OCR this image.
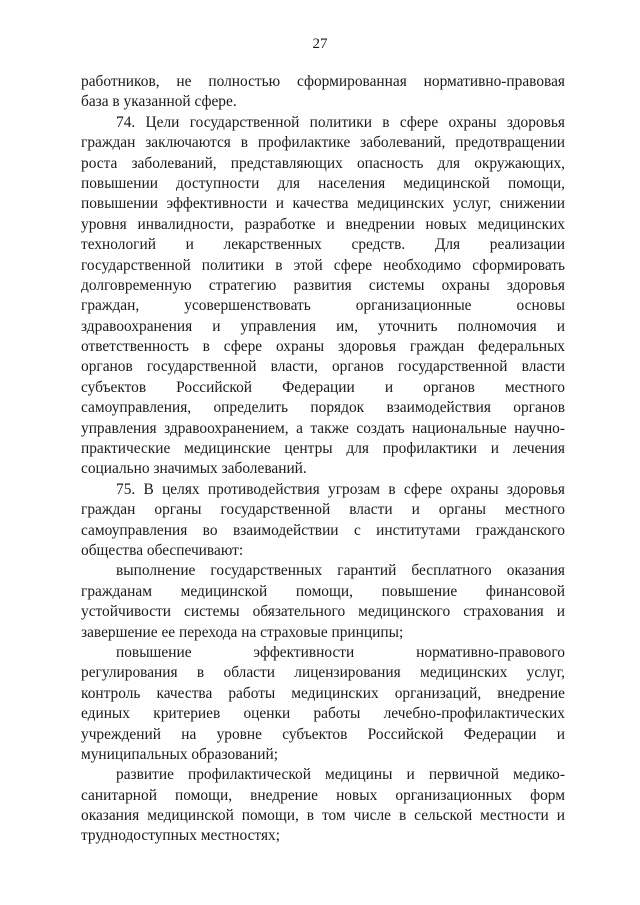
27
работников, не полностью сформированная нормативно-правовая
база в указанной сфере.
74. Цели государственной политики в сфере охраны здоровья
граждан заключаются в профилактике заболеваний, предотвращении
роста заболеваний, представляющих опасность для окружающих,
повышении доступности для населения медицинской помощи,
повышении эффективности и качества медицинских услуг, снижении
уровня инвалидности, разработке и внедрении новых медицинских
технологий и лекарственных средств. Для реализации
государственной политики в этой сфере необходимо сформировать
долговременную стратегию развития системы охраны здоровья
граждан, усовершенствовать организационные основы
здравоохранения и управления им, уточнить полномочия и
ответственность в сфере охраны здоровья граждан федеральных
органов государственной власти, органов государственной власти
субъектов Российской Федерации и органов местного
самоуправления, определить порядок взаимодействия органов
управления здравоохранением, а также создать национальные научно-
практические медицинские центры для профилактики и лечения
социально значимых заболеваний.
75. В целях противодействия угрозам в сфере охраны здоровья
граждан органы государственной власти и органы местного
самоуправления во взаимодействии с институтами гражданского
общества обеспечивают:
выполнение государственных гарантий бесплатного оказания
гражданам медицинской помощи, повышение финансовой
устойчивости системы обязательного медицинского страхования и
завершение ее перехода на страховые принципы;
повышение эффективности нормативно-правового
регулирования в области лицензирования медицинских услуг,
контроль качества работы медицинских организаций, внедрение
единых критериев оценки работы лечебно-профилактических
учреждений на уровне субъектов Российской Федерации и
муниципальных образований;
развитие профилактической медицины и первичной медико-
санитарной помощи, внедрение новых организационных форм
оказания медицинской помощи, в том числе в сельской местности и
труднодоступных местностях;
